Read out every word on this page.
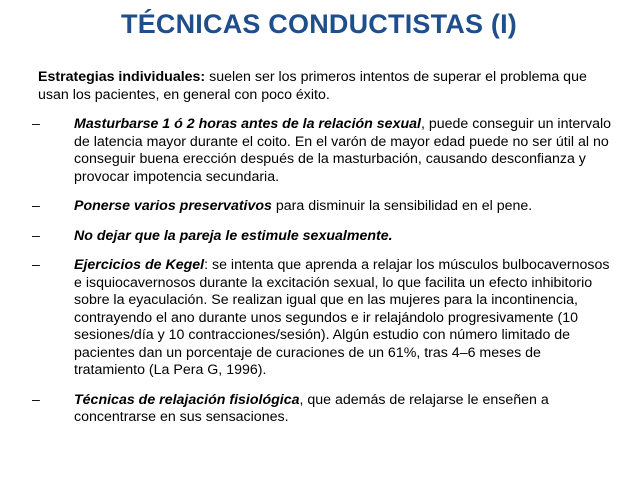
TÉCNICAS CONDUCTISTAS (I)
Estrategias individuales: suelen ser los primeros intentos de superar el problema que usan los pacientes, en general con poco éxito.
–	Masturbarse 1 ó 2 horas antes de la relación sexual, puede conseguir un intervalo de latencia mayor durante el coito. En el varón de mayor edad puede no ser útil al no conseguir buena erección después de la masturbación, causando desconfianza y provocar impotencia secundaria.
–	Ponerse varios preservativos para disminuir la sensibilidad en el pene.
–	No dejar que la pareja le estimule sexualmente.
–	Ejercicios de Kegel: se intenta que aprenda a relajar los músculos bulbocavernosos e isquiocavernosos durante la excitación sexual, lo que facilita un efecto inhibitorio sobre la eyaculación. Se realizan igual que en las mujeres para la incontinencia, contrayendo el ano durante unos segundos e ir relajándolo progresivamente (10 sesiones/día y 10 contracciones/sesión). Algún estudio con número limitado de pacientes dan un porcentaje de curaciones de un 61%, tras 4–6 meses de tratamiento (La Pera G, 1996).
–	Técnicas de relajación fisiológica, que además de relajarse le enseñen a concentrarse en sus sensaciones.
